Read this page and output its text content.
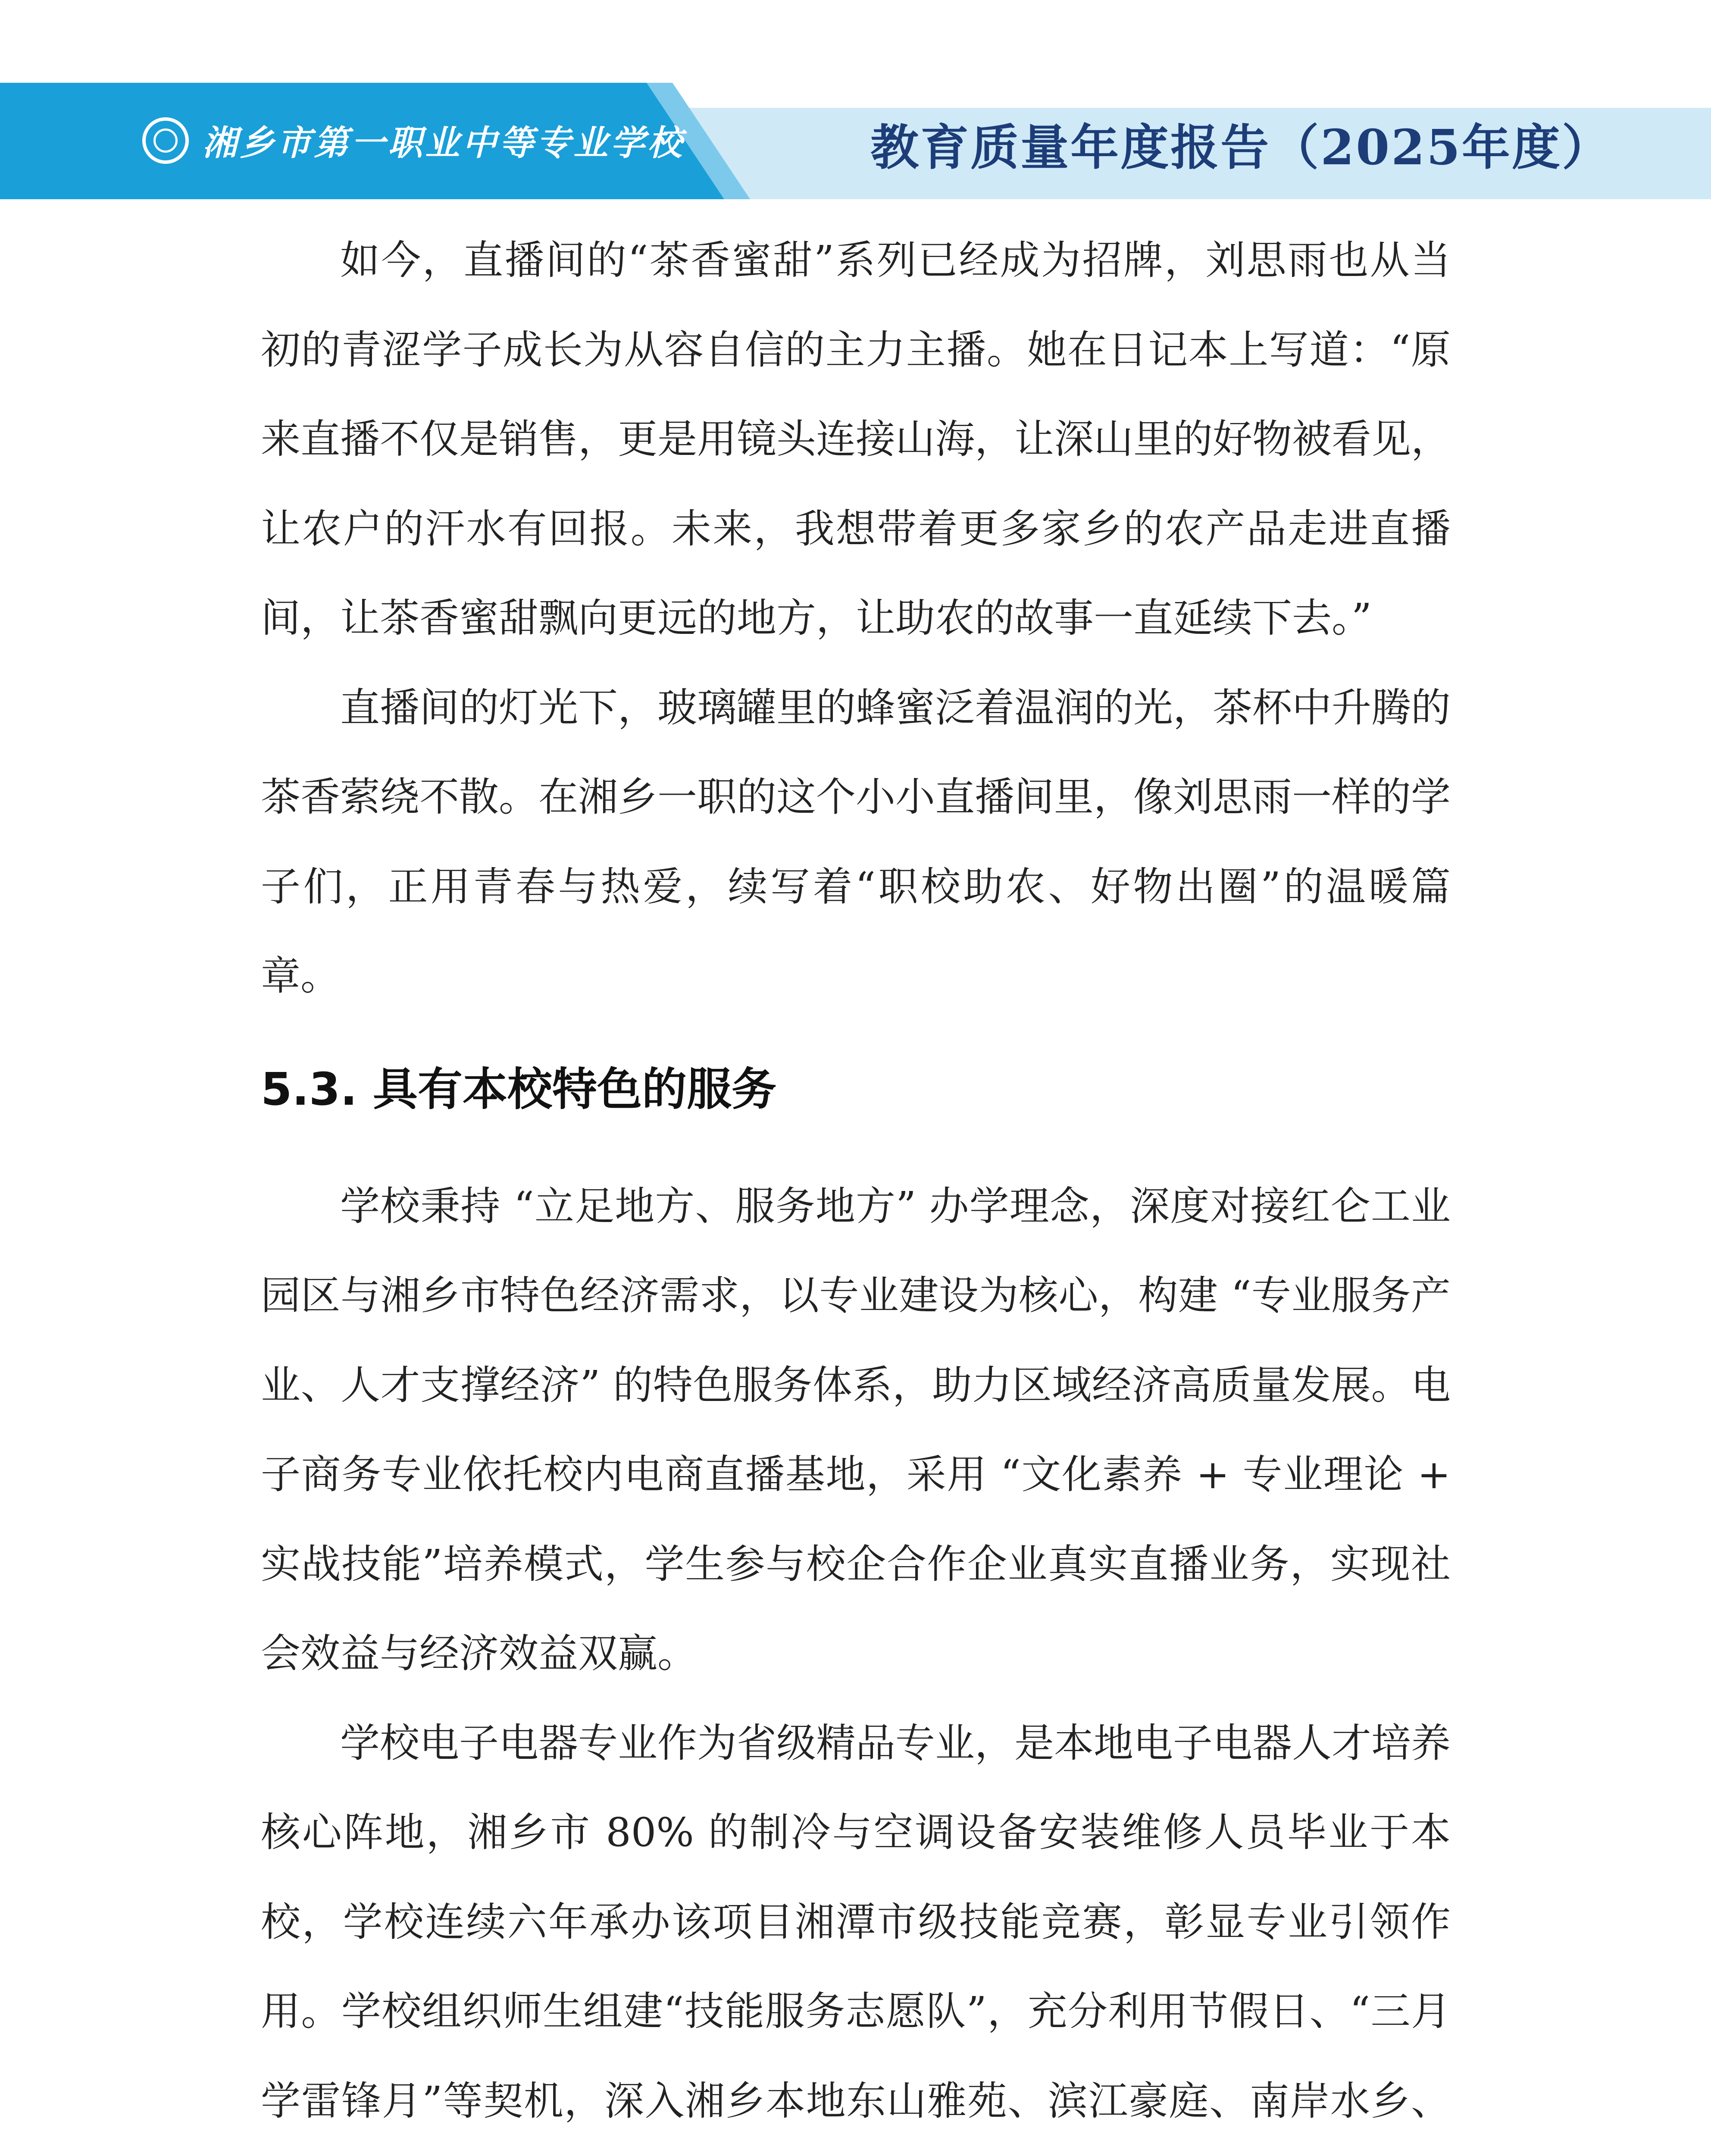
湘乡市第一职业中等专业学校	教育质量年度报告（2025年度）

如今，直播间的“茶香蜜甜”系列已经成为招牌，刘思雨也从当初的青涩学子成长为从容自信的主力主播。她在日记本上写道：“原来直播不仅是销售，更是用镜头连接山海，让深山里的好物被看见，让农户的汗水有回报。未来，我想带着更多家乡的农产品走进直播间，让茶香蜜甜飘向更远的地方，让助农的故事一直延续下去。”

直播间的灯光下，玻璃罐里的蜂蜜泛着温润的光，茶杯中升腾的茶香萦绕不散。在湘乡一职的这个小小直播间里，像刘思雨一样的学子们，正用青春与热爱，续写着“职校助农、好物出圈”的温暖篇章。

5.3. 具有本校特色的服务

学校秉持 “立足地方、服务地方” 办学理念，深度对接红仑工业园区与湘乡市特色经济需求，以专业建设为核心，构建 “专业服务产业、人才支撑经济” 的特色服务体系，助力区域经济高质量发展。电子商务专业依托校内电商直播基地，采用 “文化素养 + 专业理论 + 实战技能”培养模式，学生参与校企合作企业真实直播业务，实现社会效益与经济效益双赢。

学校电子电器专业作为省级精品专业，是本地电子电器人才培养核心阵地，湘乡市 80% 的制冷与空调设备安装维修人员毕业于本校，学校连续六年承办该项目湘潭市级技能竞赛，彰显专业引领作用。学校组织师生组建“技能服务志愿队”，充分利用节假日、“三月学雷锋月”等契机，深入湘乡本地东山雅苑、滨江豪庭、南岸水乡、
